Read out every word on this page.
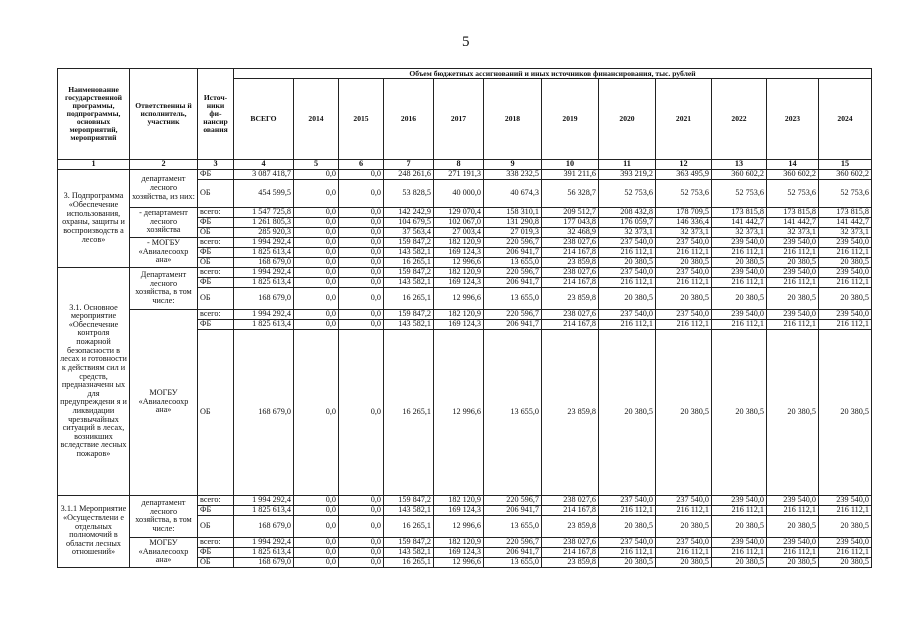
5
Наименование государственной программы, подпрограммы, основных мероприятий, мероприятий	Ответственны й исполнитель, участник	Источ-ники фи-нансир ования	Объем бюджетных ассигнований и иных источников финансирования, тыс. рублей											
			ВСЕГО	2014	2015	2016	2017	2018	2019	2020	2021	2022	2023	2024
1	2	3	4	5	6	7	8	9	10	11	12	13	14	15
3. Подпрограмма «Обеспечение использования, охраны, защиты и воспроизводств а лесов»	департамент лесного хозяйства, из них:	ФБ	3 087 418,7	0,0	0,0	248 261,6	271 191,3	338 232,5	391 211,6	393 219,2	363 495,9	360 602,2	360 602,2	360 602,2
		ОБ	454 599,5	0,0	0,0	53 828,5	40 000,0	40 674,3	56 328,7	52 753,6	52 753,6	52 753,6	52 753,6	52 753,6
	- департамент лесного хозяйства	всего:	1 547 725,8	0,0	0,0	142 242,9	129 070,4	158 310,1	209 512,7	208 432,8	178 709,5	173 815,8	173 815,8	173 815,8
		ФБ	1 261 805,3	0,0	0,0	104 679,5	102 067,0	131 290,8	177 043,8	176 059,7	146 336,4	141 442,7	141 442,7	141 442,7
		ОБ	285 920,3	0,0	0,0	37 563,4	27 003,4	27 019,3	32 468,9	32 373,1	32 373,1	32 373,1	32 373,1	32 373,1
	- МОГБУ «Авиалесоохр ана»	всего:	1 994 292,4	0,0	0,0	159 847,2	182 120,9	220 596,7	238 027,6	237 540,0	237 540,0	239 540,0	239 540,0	239 540,0
		ФБ	1 825 613,4	0,0	0,0	143 582,1	169 124,3	206 941,7	214 167,8	216 112,1	216 112,1	216 112,1	216 112,1	216 112,1
		ОБ	168 679,0	0,0	0,0	16 265,1	12 996,6	13 655,0	23 859,8	20 380,5	20 380,5	20 380,5	20 380,5	20 380,5
3.1. Основное мероприятие «Обеспечение контроля пожарной безопасности в лесах и готовности к действиям сил и средств, предназначенн ых для предупреждени я и ликвидации чрезвычайных ситуаций в лесах, возникших вследствие лесных пожаров»	Департамент лесного хозяйства, в том числе:	всего:	1 994 292,4	0,0	0,0	159 847,2	182 120,9	220 596,7	238 027,6	237 540,0	237 540,0	239 540,0	239 540,0	239 540,0
		ФБ	1 825 613,4	0,0	0,0	143 582,1	169 124,3	206 941,7	214 167,8	216 112,1	216 112,1	216 112,1	216 112,1	216 112,1
		ОБ	168 679,0	0,0	0,0	16 265,1	12 996,6	13 655,0	23 859,8	20 380,5	20 380,5	20 380,5	20 380,5	20 380,5
	МОГБУ «Авиалесоохр ана»	всего:	1 994 292,4	0,0	0,0	159 847,2	182 120,9	220 596,7	238 027,6	237 540,0	237 540,0	239 540,0	239 540,0	239 540,0
		ФБ	1 825 613,4	0,0	0,0	143 582,1	169 124,3	206 941,7	214 167,8	216 112,1	216 112,1	216 112,1	216 112,1	216 112,1
		ОБ	168 679,0	0,0	0,0	16 265,1	12 996,6	13 655,0	23 859,8	20 380,5	20 380,5	20 380,5	20 380,5	20 380,5
3.1.1 Мероприятие «Осуществлени е отдельных полномочий в области лесных отношений»	департамент лесного хозяйства, в том числе:	всего:	1 994 292,4	0,0	0,0	159 847,2	182 120,9	220 596,7	238 027,6	237 540,0	237 540,0	239 540,0	239 540,0	239 540,0
		ФБ	1 825 613,4	0,0	0,0	143 582,1	169 124,3	206 941,7	214 167,8	216 112,1	216 112,1	216 112,1	216 112,1	216 112,1
		ОБ	168 679,0	0,0	0,0	16 265,1	12 996,6	13 655,0	23 859,8	20 380,5	20 380,5	20 380,5	20 380,5	20 380,5
	МОГБУ «Авиалесоохр ана»	всего:	1 994 292,4	0,0	0,0	159 847,2	182 120,9	220 596,7	238 027,6	237 540,0	237 540,0	239 540,0	239 540,0	239 540,0
		ФБ	1 825 613,4	0,0	0,0	143 582,1	169 124,3	206 941,7	214 167,8	216 112,1	216 112,1	216 112,1	216 112,1	216 112,1
		ОБ	168 679,0	0,0	0,0	16 265,1	12 996,6	13 655,0	23 859,8	20 380,5	20 380,5	20 380,5	20 380,5	20 380,5
